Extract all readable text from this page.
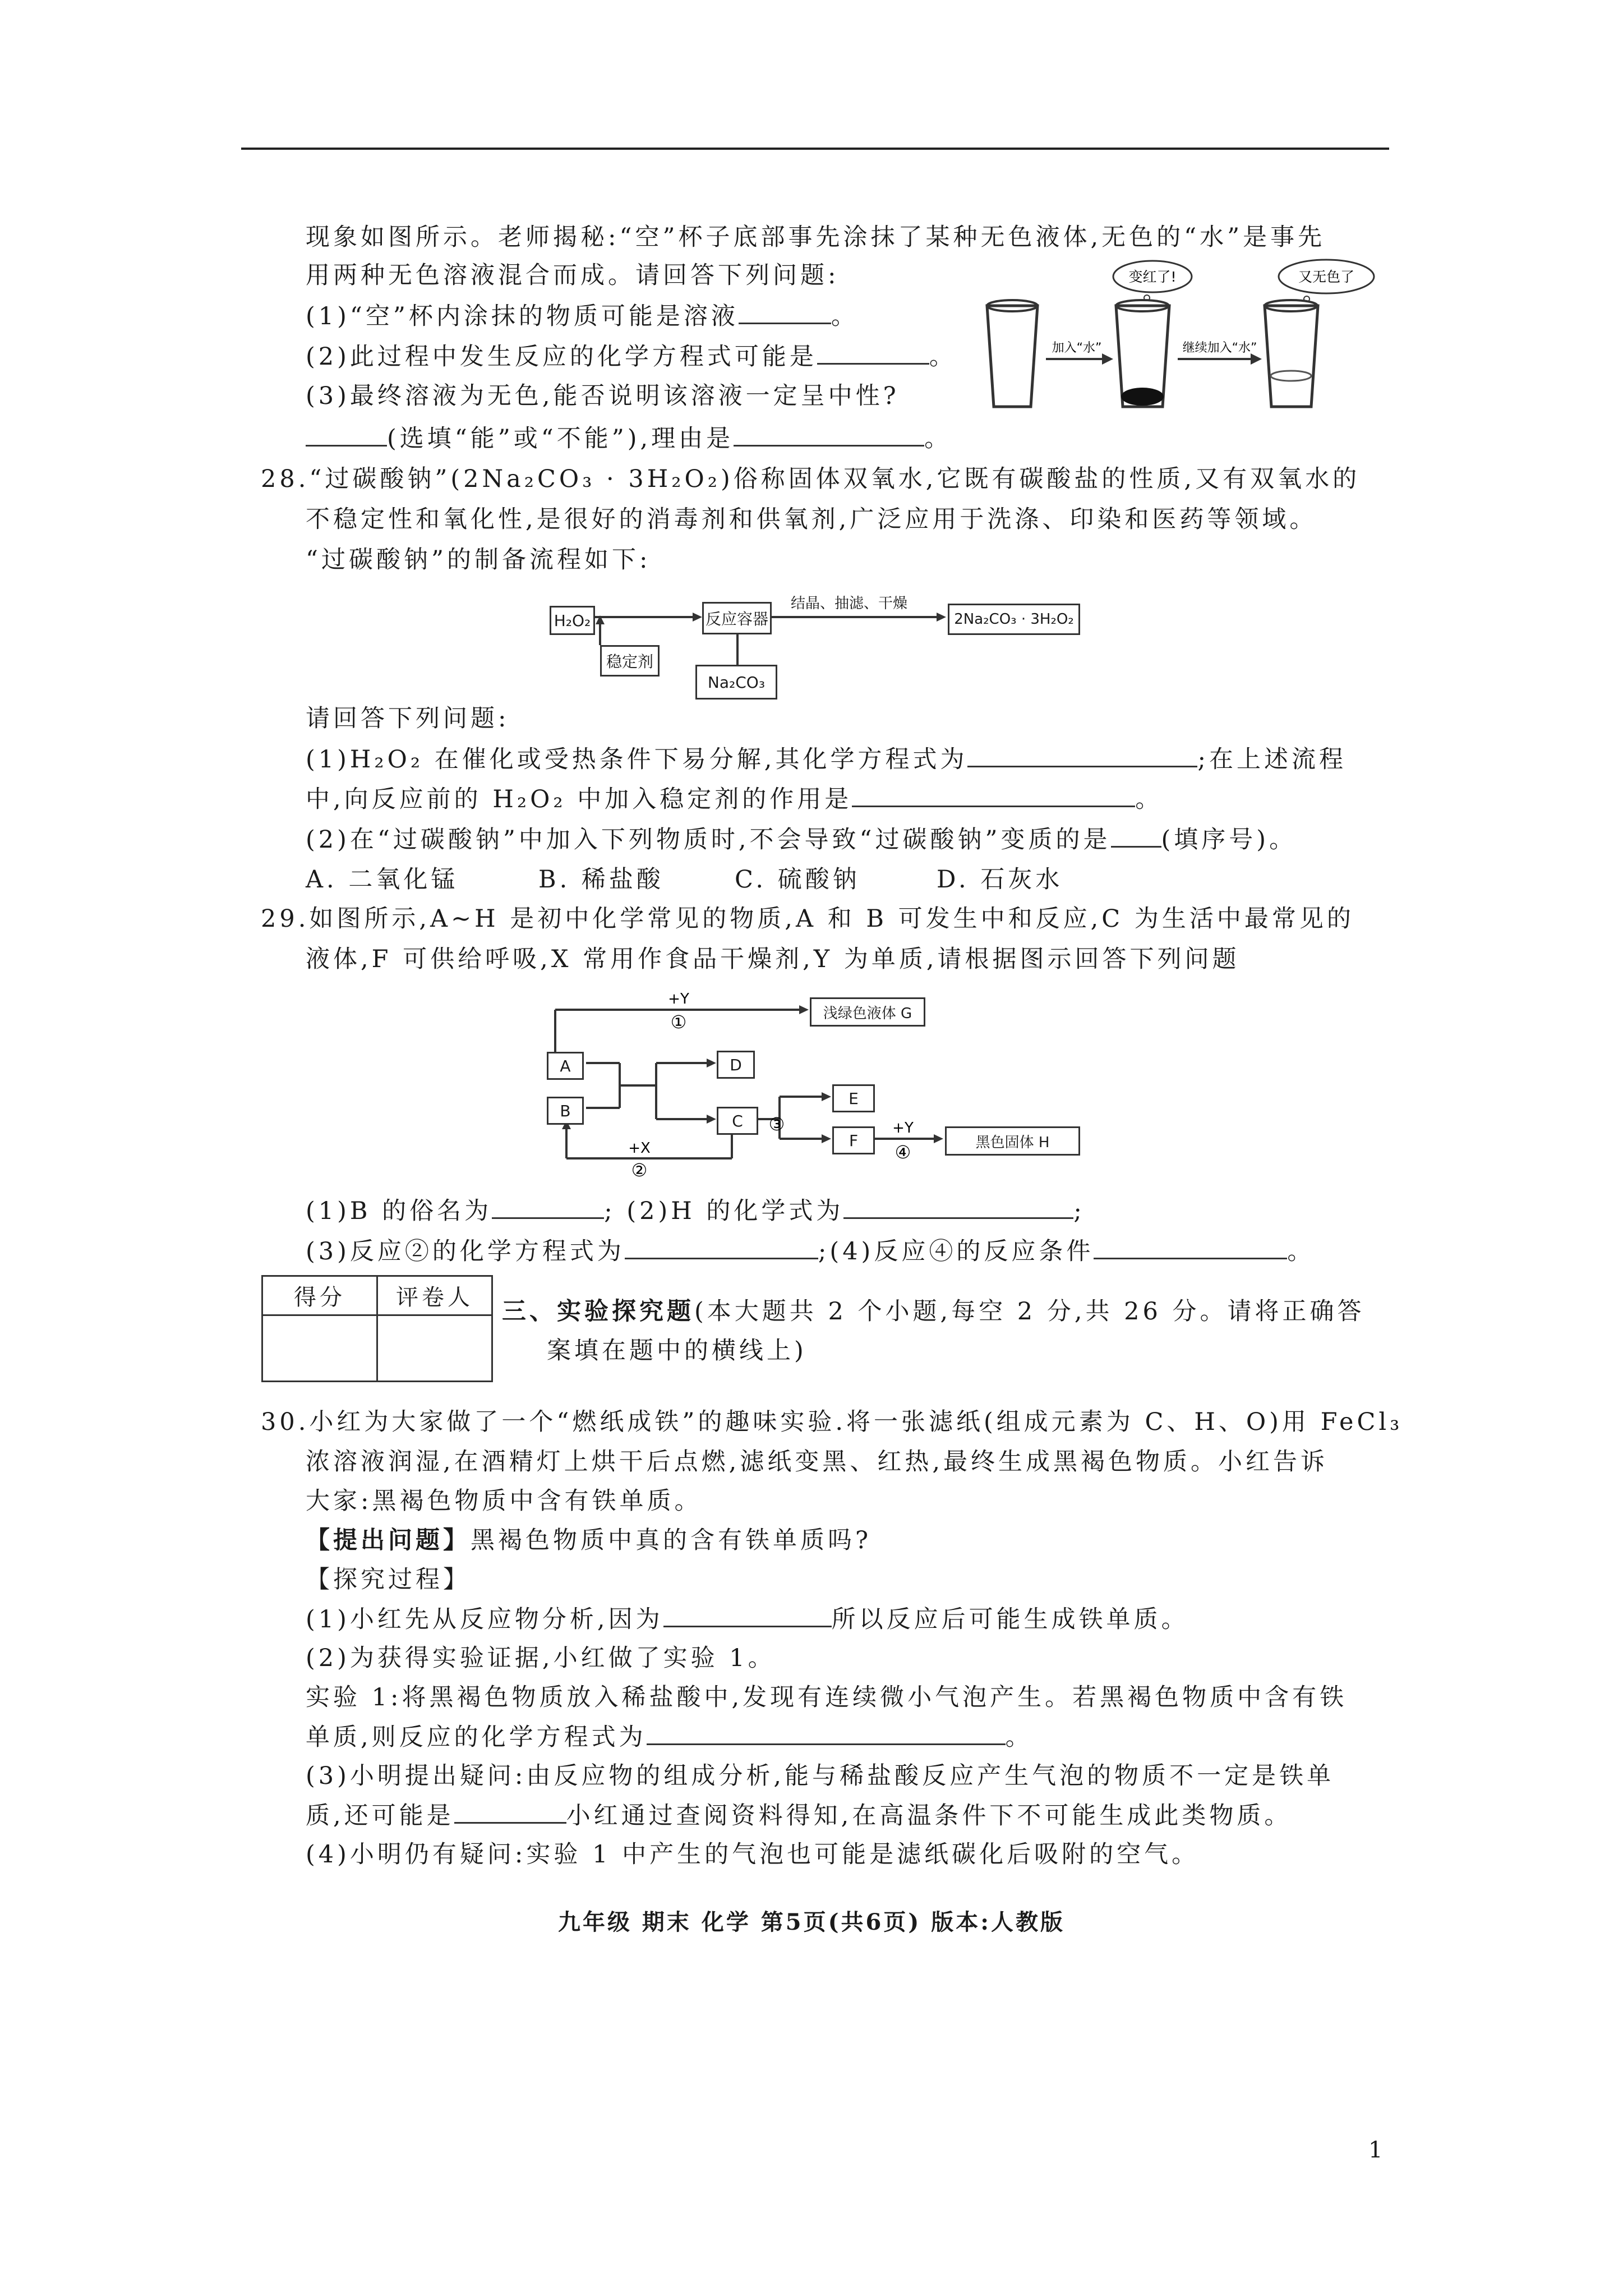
现象如图所示。老师揭秘:“空”杯子底部事先涂抹了某种无色液体,无色的“水”是事先
用两种无色溶液混合而成。请回答下列问题:
(1)“空”杯内涂抹的物质可能是溶液	。
(2)此过程中发生反应的化学方程式可能是	。
(3)最终溶液为无色,能否说明该溶液一定呈中性?
(选填“能”或“不能”),理由是	。
变红了!	又无色了
加入“水”	继续加入“水”
28.“过碳酸钠”(2Na₂CO₃ · 3H₂O₂)俗称固体双氧水,它既有碳酸盐的性质,又有双氧水的
不稳定性和氧化性,是很好的消毒剂和供氧剂,广泛应用于洗涤、印染和医药等领域。
“过碳酸钠”的制备流程如下:
H₂O₂	反应容器
结晶、抽滤、干燥
2Na₂CO₃ · 3H₂O₂
稳定剂
Na₂CO₃
请回答下列问题:
(1)H₂O₂ 在催化或受热条件下易分解,其化学方程式为	;在上述流程
中,向反应前的 H₂O₂ 中加入稳定剂的作用是	。
(2)在“过碳酸钠”中加入下列物质时,不会导致“过碳酸钠”变质的是 (填序号)。
A. 二氧化锰	B. 稀盐酸	C. 硫酸钠	D. 石灰水
29.如图所示,A~H 是初中化学常见的物质,A 和 B 可发生中和反应,C 为生活中最常见的
液体,F 可供给呼吸,X 常用作食品干燥剂,Y 为单质,请根据图示回答下列问题
+Y
①
+X
②
③	+Y
④
A
B
D
C
E
F
浅绿色液体 G
黑色固体 H
(1)B 的俗名为	; (2)H 的化学式为	;
(3)反应②的化学方程式为	;(4)反应④的反应条件	。
得分	评卷人
	三、实验探究题(本大题共 2 个小题,每空 2 分,共 26 分。请将正确答
案填在题中的横线上)
30.小红为大家做了一个“燃纸成铁”的趣味实验.将一张滤纸(组成元素为 C、H、O)用 FeCl₃
浓溶液润湿,在酒精灯上烘干后点燃,滤纸变黑、红热,最终生成黑褐色物质。小红告诉
大家:黑褐色物质中含有铁单质。
【提出问题】黑褐色物质中真的含有铁单质吗?
【探究过程】
(1)小红先从反应物分析,因为	所以反应后可能生成铁单质。
(2)为获得实验证据,小红做了实验 1。
实验 1:将黑褐色物质放入稀盐酸中,发现有连续微小气泡产生。若黑褐色物质中含有铁
单质,则反应的化学方程式为	。
(3)小明提出疑问:由反应物的组成分析,能与稀盐酸反应产生气泡的物质不一定是铁单
质,还可能是	小红通过查阅资料得知,在高温条件下不可能生成此类物质。
(4)小明仍有疑问:实验 1 中产生的气泡也可能是滤纸碳化后吸附的空气。
九年级 期末 化学 第5页(共6页) 版本:人教版
1
